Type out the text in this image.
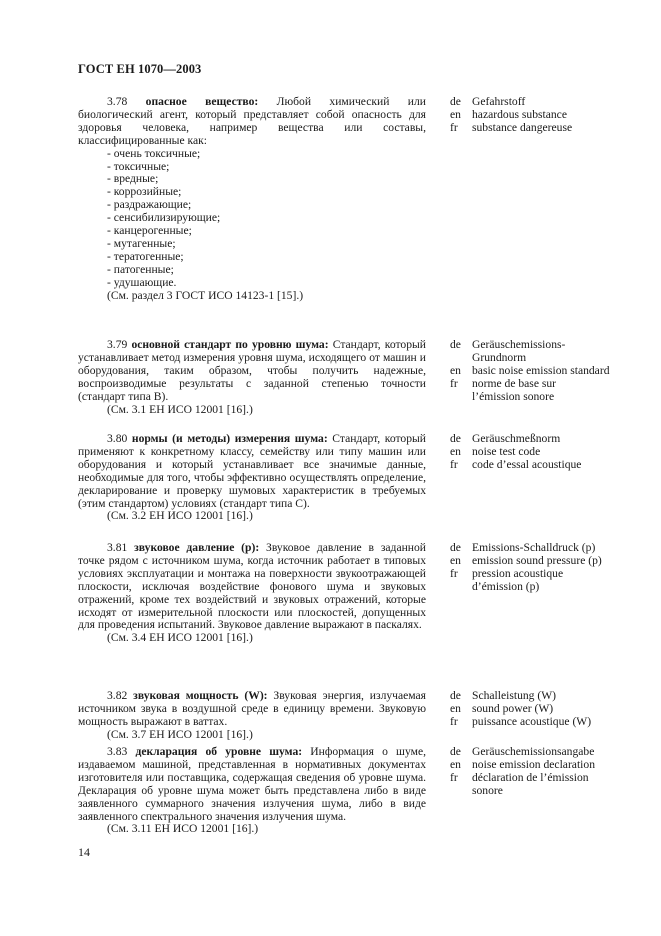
ГОСТ ЕН 1070—2003

3.78 опасное вещество: Любой химический или биологический агент, который представляет собой опасность для здоровья человека, например вещества или составы, классифицированные как:

- очень токсичные;
- токсичные;
- вредные;
- коррозийные;
- раздражающие;
- сенсибилизирующие;
- канцерогенные;
- мутагенные;
- тератогенные;
- патогенные;
- удушающие.

(См. раздел 3 ГОСТ ИСО 14123-1 [15].)

de Gefahrstoff
en hazardous substance
fr	substance dangereuse

3.79 основной стандарт по уровню шума: Стандарт, который устанавливает метод измерения уровня шума, исходящего от машин и оборудования, таким образом, чтобы получить надежные, воспроизводимые результаты с заданной степенью точности (стандарт типа В).

(См. 3.1 ЕН ИСО 12001 [16].)

de Geräuschemissions-
Grundnorm
en basic noise emission standard
fr	norme de base sur
l’émission sonore

3.80 нормы (и методы) измерения шума: Стандарт, который применяют к конкретному классу, семейству или типу машин или оборудования и который устанавливает все значимые данные, необходимые для того, чтобы эффективно осуществлять определение, декларирование и проверку шумовых характеристик в требуемых (этим стандартом) условиях (стандарт типа С).

(См. 3.2 ЕН ИСО 12001 [16].)

de Geräuschmeßnorm
en noise test code
fr	code d’essal acoustique

3.81 звуковое давление (p): Звуковое давление в заданной точке рядом с источником шума, когда источник работает в типовых условиях эксплуатации и монтажа на поверхности звукоотражающей плоскости, исключая воздействие фонового шума и звуковых отражений, кроме тех воздействий и звуковых отражений, которые исходят от измерительной плоскости или плоскостей, допущенных для проведения испытаний. Звуковое давление выражают в паскалях.

(См. 3.4 ЕН ИСО 12001 [16].)

de Emissions-Schalldruck (p)
en emission sound pressure (p)
fr	pression acoustique
d’émission (p)

3.82 звуковая мощность (W): Звуковая энергия, излучаемая источником звука в воздушной среде в единицу времени. Звуковую мощность выражают в ваттах.

(См. 3.7 ЕН ИСО 12001 [16].)

de Schalleistung (W)
en sound power (W)
fr	puissance acoustique (W)

3.83 декларация об уровне шума: Информация о шуме, издаваемом машиной, представленная в нормативных документах изготовителя или поставщика, содержащая сведения об уровне шума. Декларация об уровне шума может быть представлена либо в виде заявленного суммарного значения излучения шума, либо в виде заявленного спектрального значения излучения шума.

(См. 3.11 ЕН ИСО 12001 [16].)

de Geräuschemissionsangabe
en noise emission declaration
fr	déclaration de l’émission
sonore
14
